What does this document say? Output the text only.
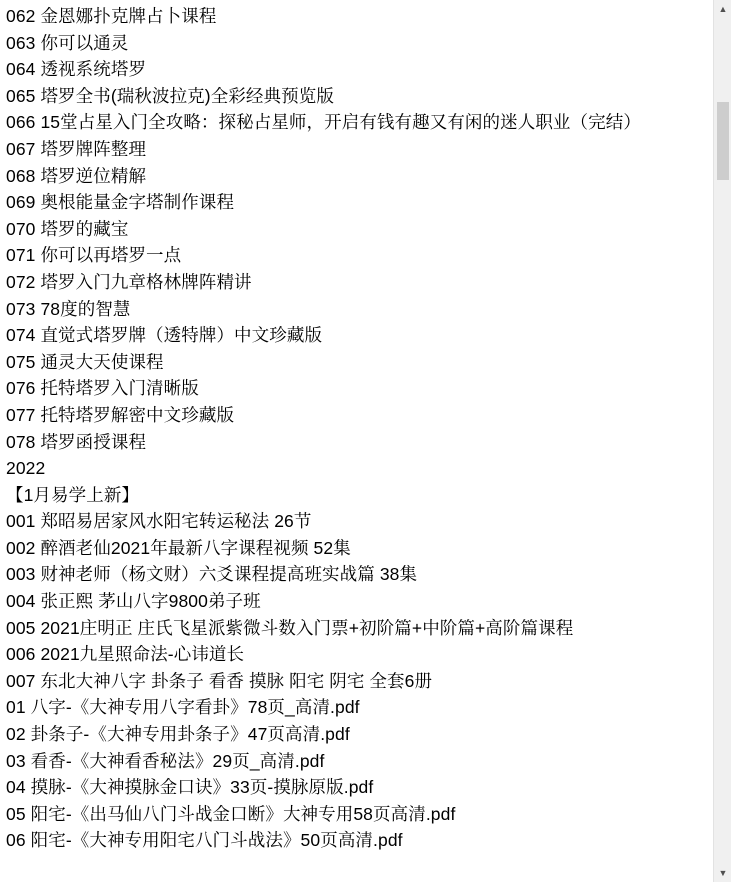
062 金恩娜扑克牌占卜课程
063 你可以通灵
064 透视系统塔罗
065 塔罗全书(瑞秋波拉克)全彩经典预览版
066 15堂占星入门全攻略：探秘占星师，开启有钱有趣又有闲的迷人职业（完结）
067 塔罗牌阵整理
068 塔罗逆位精解
069 奥根能量金字塔制作课程
070 塔罗的藏宝
071 你可以再塔罗一点
072 塔罗入门九章格林牌阵精讲
073 78度的智慧
074 直觉式塔罗牌（透特牌）中文珍藏版
075 通灵大天使课程
076 托特塔罗入门清晰版
077 托特塔罗解密中文珍藏版
078 塔罗函授课程
2022
【1月易学上新】
001 郑昭易居家风水阳宅转运秘法 26节
002 醉酒老仙2021年最新八字课程视频 52集
003 财神老师（杨文财）六爻课程提高班实战篇 38集
004 张正熙 茅山八字9800弟子班
005 2021庄明正 庄氏飞星派紫微斗数入门票+初阶篇+中阶篇+高阶篇课程
006 2021九星照命法-心讳道长
007 东北大神八字 卦条子 看香 摸脉 阳宅 阴宅 全套6册
01 八字-《大神专用八字看卦》78页_高清.pdf
02 卦条子-《大神专用卦条子》47页高清.pdf
03 看香-《大神看香秘法》29页_高清.pdf
04 摸脉-《大神摸脉金口诀》33页-摸脉原版.pdf
05 阳宅-《出马仙八门斗战金口断》大神专用58页高清.pdf
06 阳宅-《大神专用阳宅八门斗战法》50页高清.pdf
▲
▼
